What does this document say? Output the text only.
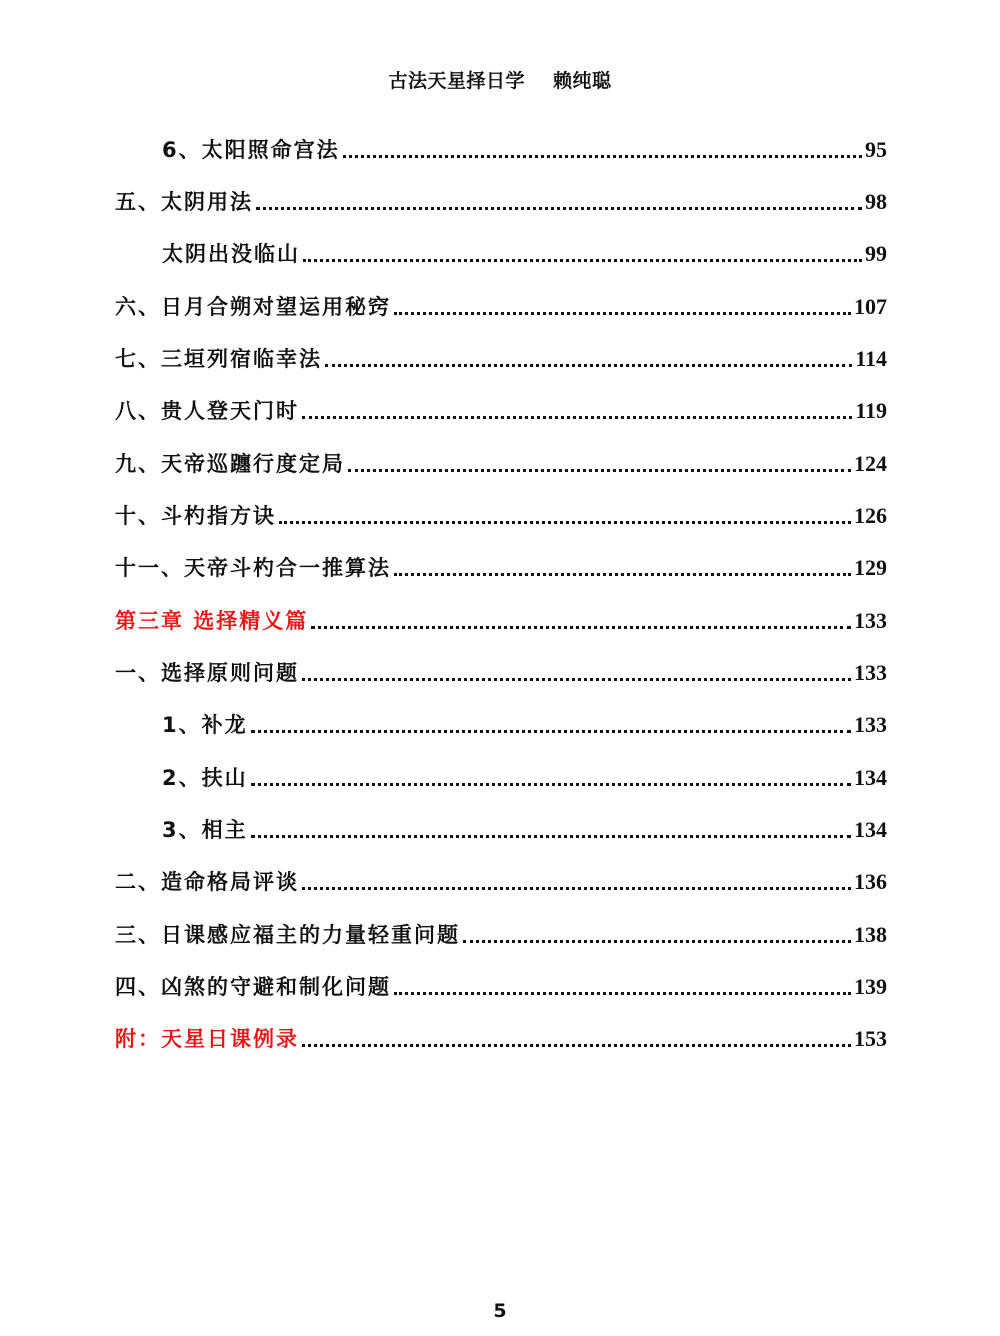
古法天星择日学 赖纯聪
6、太阳照命宫法	95
五、太阴用法	98
太阴出没临山	99
六、日月合朔对望运用秘窍	107
七、三垣列宿临幸法	114
八、贵人登天门时	119
九、天帝巡躔行度定局	124
十、斗杓指方诀	126
十一、天帝斗杓合一推算法	129
第三章 选择精义篇	133
一、选择原则问题	133
1、补龙	133
2、扶山	134
3、相主	134
二、造命格局评谈	136
三、日课感应福主的力量轻重问题	138
四、凶煞的守避和制化问题	139
附：天星日课例录	153
5
